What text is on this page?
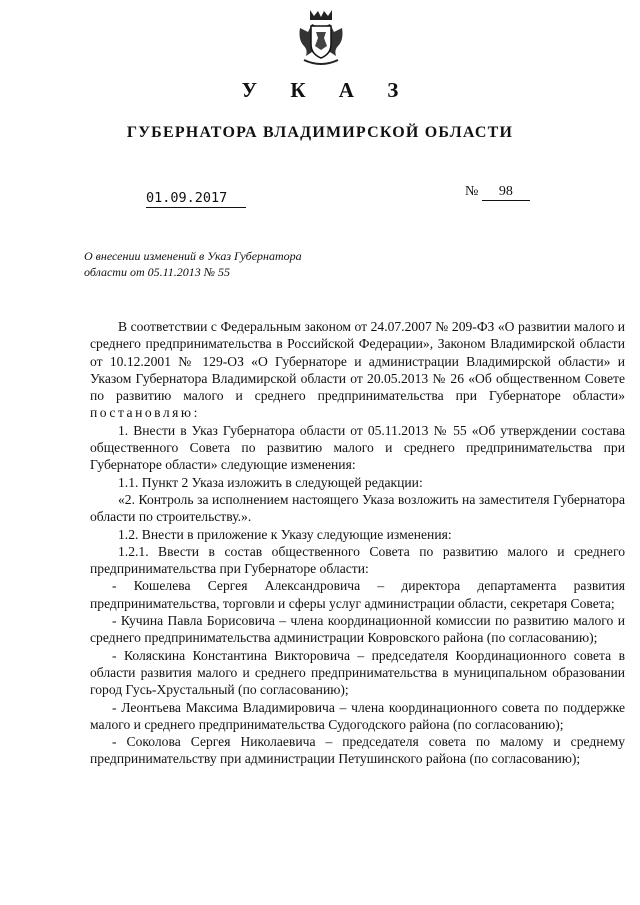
У К А З
ГУБЕРНАТОРА ВЛАДИМИРСКОЙ ОБЛАСТИ
01.09.2017	№ 98
О внесении изменений в Указ Губернатора
области от 05.11.2013 № 55

В соответствии с Федеральным законом от 24.07.2007 № 209-ФЗ «О развитии малого и среднего предпринимательства в Российской Федерации», Законом Владимирской области от 10.12.2001 № 129-ОЗ «О Губернаторе и администрации Владимирской области» и Указом Губернатора Владимирской области от 20.05.2013 № 26 «Об общественном Совете по развитию малого и среднего предпринимательства при Губернаторе области» постановляю:

1. Внести в Указ Губернатора области от 05.11.2013 № 55 «Об утверждении состава общественного Совета по развитию малого и среднего предпринимательства при Губернаторе области» следующие изменения:

1.1. Пункт 2 Указа изложить в следующей редакции:

«2. Контроль за исполнением настоящего Указа возложить на заместителя Губернатора области по строительству.».

1.2. Внести в приложение к Указу следующие изменения:

1.2.1. Ввести в состав общественного Совета по развитию малого и среднего предпринимательства при Губернаторе области:

- Кошелева Сергея Александровича – директора департамента развития предпринимательства, торговли и сферы услуг администрации области, секретаря Совета;

- Кучина Павла Борисовича – члена координационной комиссии по развитию малого и среднего предпринимательства администрации Ковровского района (по согласованию);

- Коляскина Константина Викторовича – председателя Координационного совета в области развития малого и среднего предпринимательства в муниципальном образовании город Гусь-Хрустальный (по согласованию);

- Леонтьева Максима Владимировича – члена координационного совета по поддержке малого и среднего предпринимательства Судогодского района (по согласованию);

- Соколова Сергея Николаевича – председателя совета по малому и среднему предпринимательству при администрации Петушинского района (по согласованию);
